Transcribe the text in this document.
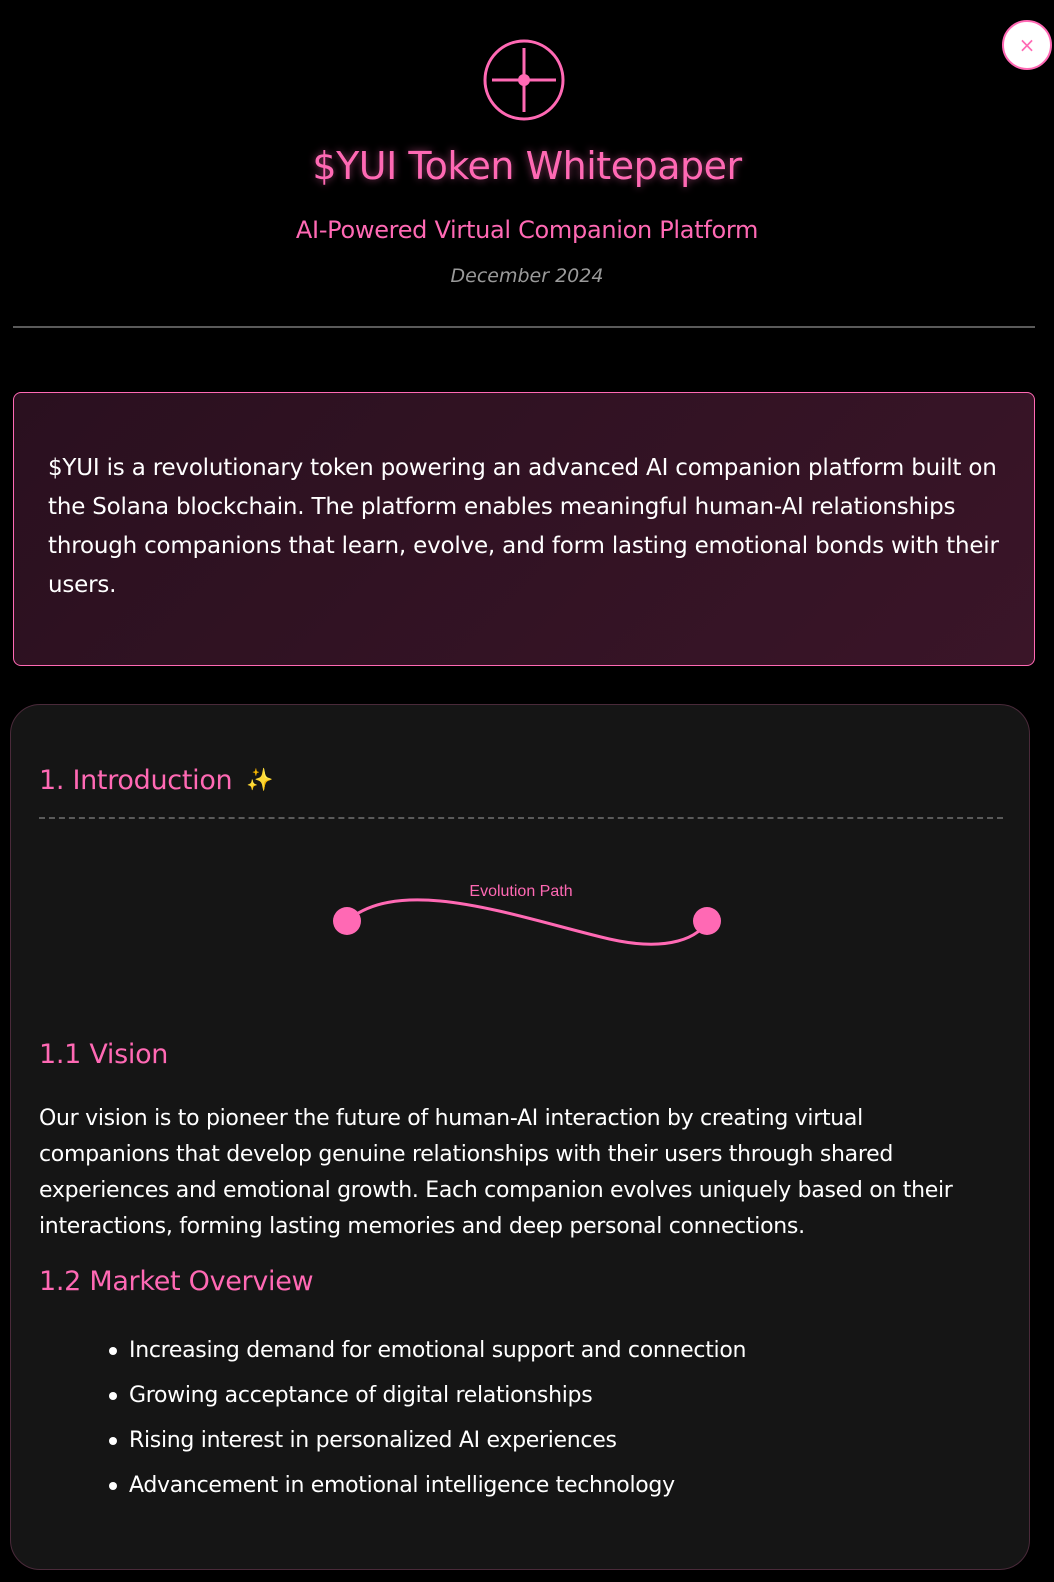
×
$YUI Token Whitepaper
AI-Powered Virtual Companion Platform
December 2024

$YUI is a revolutionary token powering an advanced AI companion platform built on the Solana blockchain. The platform enables meaningful human-AI relationships through companions that learn, evolve, and form lasting emotional bonds with their users.

1. Introduction ✨
Evolution Path
1.1 Vision

Our vision is to pioneer the future of human-AI interaction by creating virtual companions that develop genuine relationships with their users through shared experiences and emotional growth. Each companion evolves uniquely based on their interactions, forming lasting memories and deep personal connections.

1.2 Market Overview
Increasing demand for emotional support and connection
Growing acceptance of digital relationships
Rising interest in personalized AI experiences
Advancement in emotional intelligence technology
